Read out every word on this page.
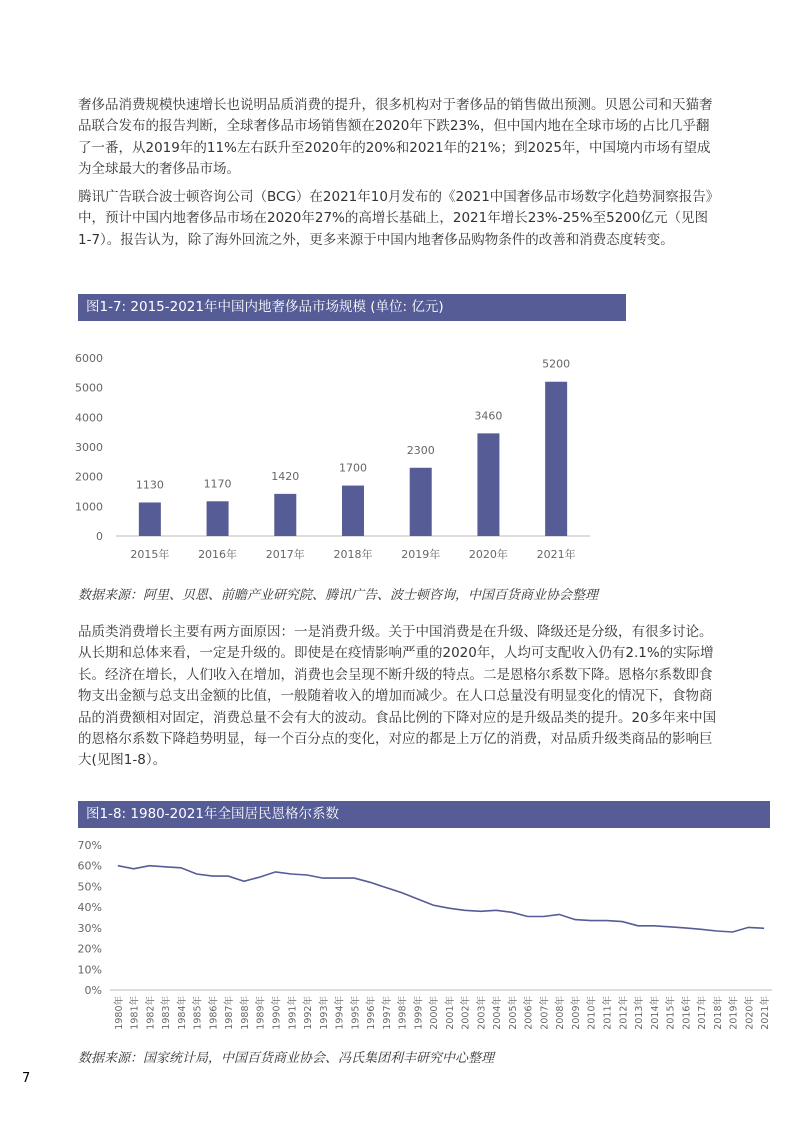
奢侈品消费规模快速增长也说明品质消费的提升，很多机构对于奢侈品的销售做出预测。贝恩公司和天猫奢品联合发布的报告判断，全球奢侈品市场销售额在2020年下跌23%，但中国内地在全球市场的占比几乎翻了一番，从2019年的11%左右跃升至2020年的20%和2021年的21%；到2025年，中国境内市场有望成为全球最大的奢侈品市场。

腾讯广告联合波士顿咨询公司（BCG）在2021年10月发布的《2021中国奢侈品市场数字化趋势洞察报告》中，预计中国内地奢侈品市场在2020年27%的高增长基础上，2021年增长23%-25%至5200亿元（见图1-7）。报告认为，除了海外回流之外，更多来源于中国内地奢侈品购物条件的改善和消费态度转变。

图1-7: 2015-2021年中国内地奢侈品市场规模 (单位: 亿元)
0
1000
2000
3000
4000
5000
6000
1130
2015年
1170
2016年
1420
2017年
1700
2018年
2300
2019年
3460
2020年
5200
2021年
数据来源：阿里、贝恩、前瞻产业研究院、腾讯广告、波士顿咨询，中国百货商业协会整理

品质类消费增长主要有两方面原因：一是消费升级。关于中国消费是在升级、降级还是分级，有很多讨论。从长期和总体来看，一定是升级的。即使是在疫情影响严重的2020年，人均可支配收入仍有2.1%的实际增长。经济在增长，人们收入在增加，消费也会呈现不断升级的特点。二是恩格尔系数下降。恩格尔系数即食物支出金额与总支出金额的比值，一般随着收入的增加而减少。在人口总量没有明显变化的情况下，食物商品的消费额相对固定，消费总量不会有大的波动。食品比例的下降对应的是升级品类的提升。20多年来中国的恩格尔系数下降趋势明显，每一个百分点的变化，对应的都是上万亿的消费，对品质升级类商品的影响巨大(见图1-8）。

图1-8: 1980-2021年全国居民恩格尔系数
0%
10%
20%
30%
40%
50%
60%
70%
1980年 1981年 1982年 1983年 1984年 1985年 1986年 1987年 1988年 1989年 1990年 1991年 1992年 1993年 1994年 1995年 1996年 1997年 1998年 1999年 2000年 2001年 2002年 2003年 2004年 2005年 2006年 2007年 2008年 2009年 2010年 2011年 2012年 2013年 2014年 2015年 2016年 2017年 2018年 2019年 2020年 2021年
数据来源：国家统计局，中国百货商业协会、冯氏集团利丰研究中心整理
7
